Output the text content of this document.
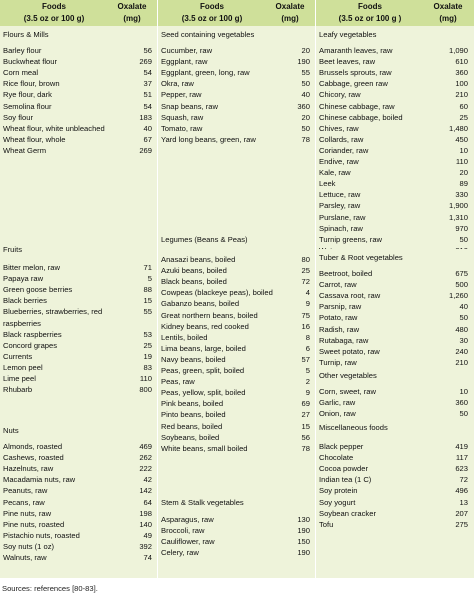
Foods
(3.5 oz or 100 g)
Oxalate
(mg)
Flours & Mills
Barley flour	56
Buckwheat flour	269
Corn meal	54
Rice flour, brown	37
Rye flour, dark	51
Semolina flour	54
Soy flour	183
Wheat flour, white unbleached	40
Wheat flour, whole	67
Wheat Germ	269
Fruits
Bitter melon, raw	71
Papaya raw	5
Green goose berries	88
Black berries	15
Blueberries, strawberries, red	55
raspberries
Black raspberries	53
Concord grapes	25
Currents	19
Lemon peel	83
Lime peel	110
Rhubarb	800
Nuts
Almonds, roasted	469
Cashews, roasted	262
Hazelnuts, raw	222
Macadamia nuts, raw	42
Peanuts, raw	142
Pecans, raw	64
Pine nuts, raw	198
Pine nuts, roasted	140
Pistachio nuts, roasted	49
Soy nuts (1 oz)	392
Walnuts, raw	74
Foods
(3.5 oz or 100 g)
Oxalate
(mg)
Seed containing vegetables
Cucumber, raw	20
Eggplant, raw	190
Eggplant, green, long, raw	55
Okra, raw	50
Pepper, raw	40
Snap beans, raw	360
Squash, raw	20
Tomato, raw	50
Yard long beans, green, raw	78
Legumes (Beans & Peas)
Anasazi beans, boiled	80
Azuki beans, boiled	25
Black beans, boiled	72
Cowpeas (blackeye peas), boiled	4
Gabanzo beans, boiled	9
Great northern beans, boiled	75
Kidney beans, red cooked	16
Lentils, boiled	8
Lima beans, large, boiled	6
Navy beans, boiled	57
Peas, green, split, boiled	5
Peas, raw	2
Peas, yellow, split, boiled	9
Pink beans, boiled	69
Pinto beans, boiled	27
Red beans, boiled	15
Soybeans, boiled	56
White beans, small boiled	78
Stem & Stalk vegetables
Asparagus, raw	130
Broccoli, raw	190
Cauliflower, raw	150
Celery, raw	190
Foods
(3.5 oz or 100 g )
Oxalate
(mg)
Leafy vegetables
Amaranth leaves, raw	1,090
Beet leaves, raw	610
Brussels sprouts, raw	360
Cabbage, green raw	100
Chicory, raw	210
Chinese cabbage, raw	60
Chinese cabbage, boiled	25
Chives, raw	1,480
Collards, raw	450
Coriander, raw	10
Endive, raw	110
Kale, raw	20
Leek	89
Lettuce, raw	330
Parsley, raw	1,900
Purslane, raw	1,310
Spinach, raw	970
Turnip greens, raw	50
Tuber & Root vegetables
Beetroot, boiled	675
Carrot, raw	500
Cassava root, raw	1,260
Parsnip, raw	40
Potato, raw	50
Radish, raw	480
Rutabaga, raw	30
Sweet potato, raw	240
Turnip, raw	210
Other vegetables
Corn, sweet, raw	10
Garlic, raw	360
Onion, raw	50
Miscellaneous foods
Black pepper	419
Chocolate	117
Cocoa powder	623
Indian tea (1 C)	72
Soy protein	496
Soy yogurt	13
Soybean cracker	207
Tofu	275
Sources: references [80-83].
